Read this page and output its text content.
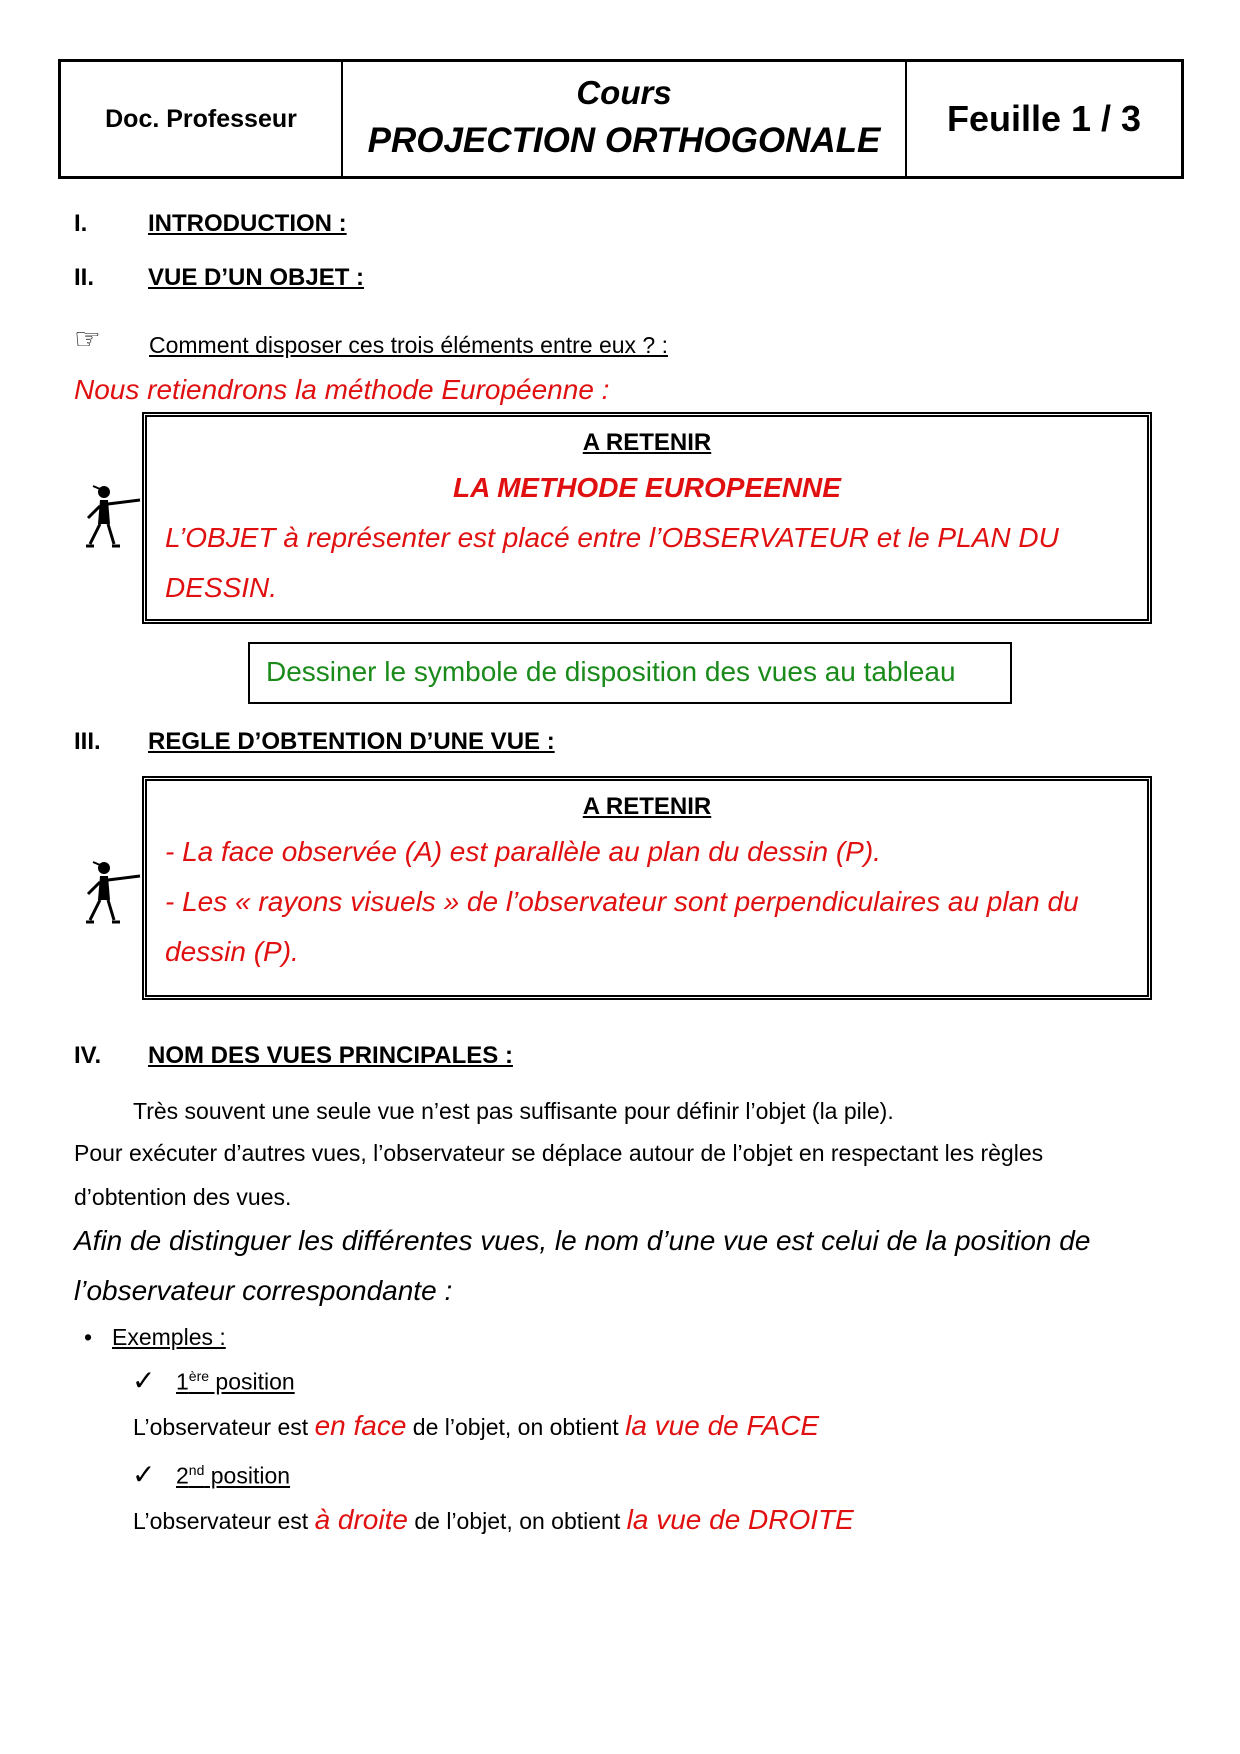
Doc. Professeur
Cours
PROJECTION ORTHOGONALE
Feuille 1 / 3
I.	INTRODUCTION :
II. VUE D’UN OBJET :
☞ Comment disposer ces trois éléments entre eux ? :
Nous retiendrons la méthode Européenne :
A RETENIR
LA METHODE EUROPEENNE
L’OBJET à représenter est placé entre l’OBSERVATEUR et le PLAN DU
DESSIN.
Dessiner le symbole de disposition des vues au tableau
III. REGLE D’OBTENTION D’UNE VUE :
A RETENIR
- La face observée (A) est parallèle au plan du dessin (P).
- Les « rayons visuels » de l’observateur sont perpendiculaires au plan du
dessin (P).
IV. NOM DES VUES PRINCIPALES :
Très souvent une seule vue n’est pas suffisante pour définir l’objet (la pile).
Pour exécuter d’autres vues, l’observateur se déplace autour de l’objet en respectant les règles
d’obtention des vues.
Afin de distinguer les différentes vues, le nom d’une vue est celui de la position de
l’observateur correspondante :
• Exemples :
✓ 1ère position
L’observateur est en face de l’objet, on obtient la vue de FACE
✓ 2nd position
L’observateur est à droite de l’objet, on obtient la vue de DROITE
